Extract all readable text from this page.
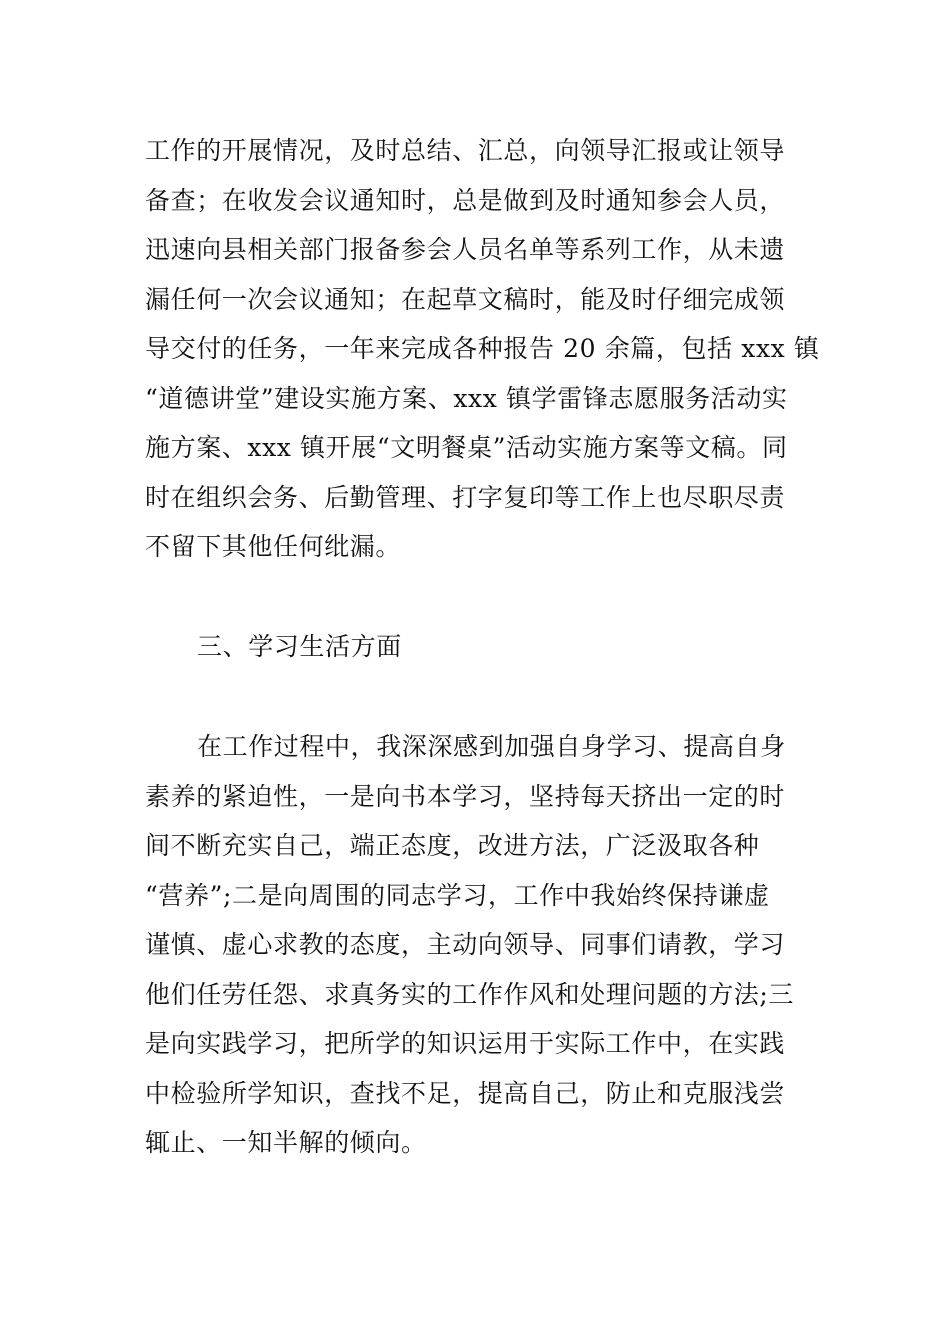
工作的开展情况，及时总结、汇总，向领导汇报或让领导
备查；在收发会议通知时，总是做到及时通知参会人员，
迅速向县相关部门报备参会人员名单等系列工作，从未遗
漏任何一次会议通知；在起草文稿时，能及时仔细完成领
导交付的任务，一年来完成各种报告 20 余篇，包括 xxx 镇
“道德讲堂”建设实施方案、xxx 镇学雷锋志愿服务活动实
施方案、xxx 镇开展“文明餐桌”活动实施方案等文稿。同
时在组织会务、后勤管理、打字复印等工作上也尽职尽责
不留下其他任何纰漏。
三、学习生活方面
在工作过程中，我深深感到加强自身学习、提高自身
素养的紧迫性，一是向书本学习，坚持每天挤出一定的时
间不断充实自己，端正态度，改进方法，广泛汲取各种
“营养”;二是向周围的同志学习，工作中我始终保持谦虚
谨慎、虚心求教的态度，主动向领导、同事们请教，学习
他们任劳任怨、求真务实的工作作风和处理问题的方法;三
是向实践学习，把所学的知识运用于实际工作中，在实践
中检验所学知识，查找不足，提高自己，防止和克服浅尝
辄止、一知半解的倾向。
